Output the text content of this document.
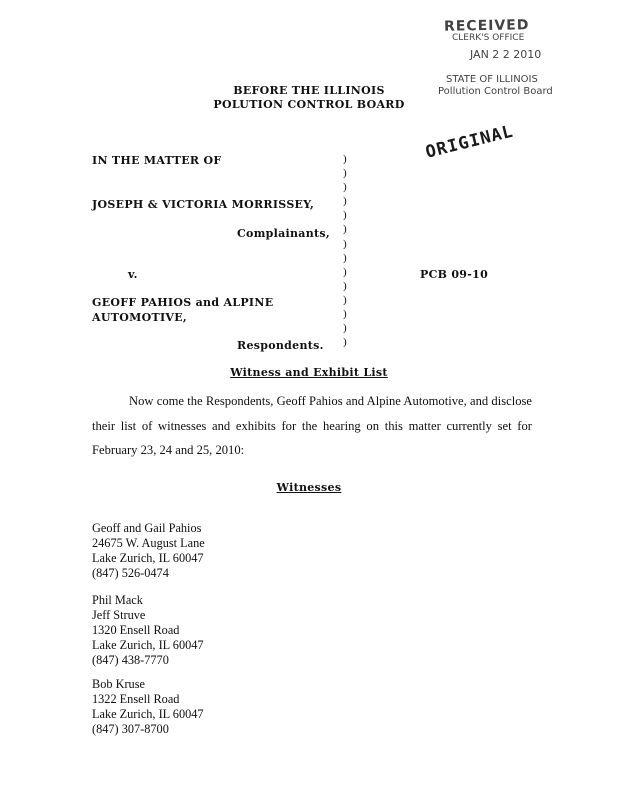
RECEIVED
CLERK'S OFFICE
JAN 2 2 2010
STATE OF ILLINOIS
Pollution Control Board
ORIGINAL
BEFORE THE ILLINOIS
POLUTION CONTROL BOARD
IN THE MATTER OF
JOSEPH & VICTORIA MORRISSEY,
Complainants,
v.	PCB 09-10
GEOFF PAHIOS and ALPINE
AUTOMOTIVE,
Respondents.
)
)
)
)
)
)
)
)
)
)
)
)
)
)
Witness and Exhibit List
Now come the Respondents, Geoff Pahios and Alpine Automotive, and disclose their list of witnesses and exhibits for the hearing on this matter currently set for February 23, 24 and 25, 2010:
Witnesses
Geoff and Gail Pahios
24675 W. August Lane
Lake Zurich, IL 60047
(847) 526-0474
Phil Mack
Jeff Struve
1320 Ensell Road
Lake Zurich, IL 60047
(847) 438-7770
Bob Kruse
1322 Ensell Road
Lake Zurich, IL 60047
(847) 307-8700
